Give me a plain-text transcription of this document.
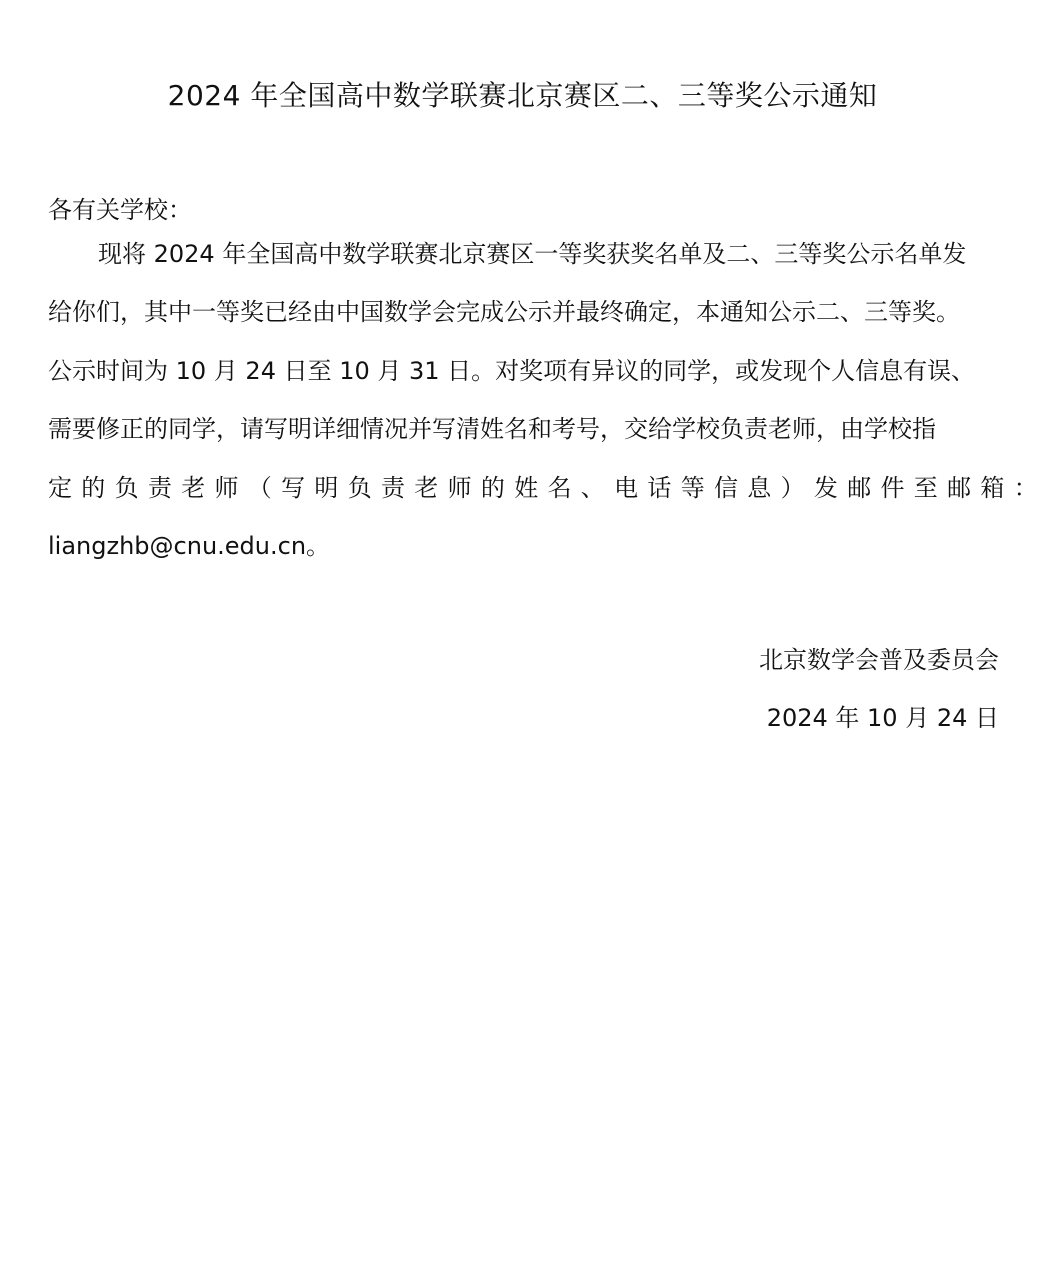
2024 年全国高中数学联赛北京赛区二、三等奖公示通知
各有关学校：
现将 2024 年全国高中数学联赛北京赛区一等奖获奖名单及二、三等奖公示名单发
给你们，其中一等奖已经由中国数学会完成公示并最终确定，本通知公示二、三等奖。
公示时间为 10 月 24 日至 10 月 31 日。对奖项有异议的同学，或发现个人信息有误、
需要修正的同学，请写明详细情况并写清姓名和考号，交给学校负责老师，由学校指
定的负责老师（写明负责老师的姓名、电话等信息）发邮件至邮箱：
liangzhb@cnu.edu.cn。
北京数学会普及委员会
2024 年 10 月 24 日
